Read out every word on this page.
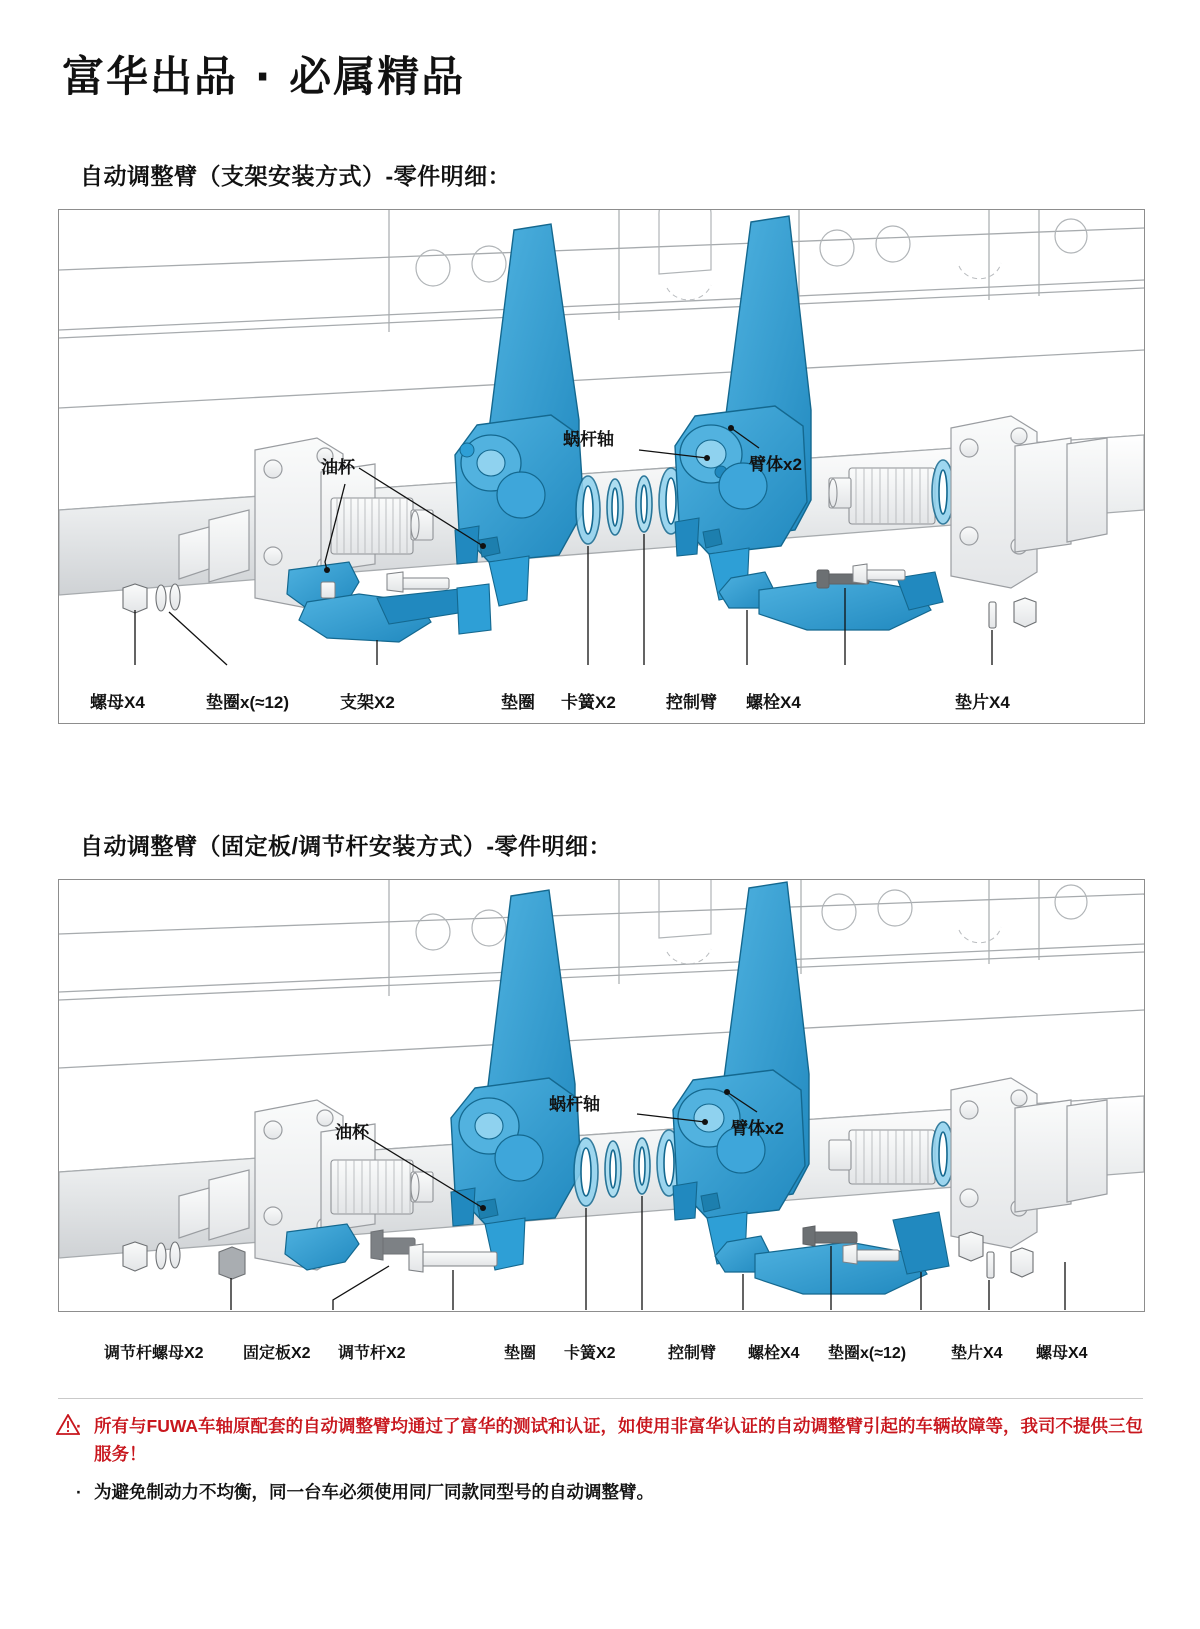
富华出品 · 必属精品
自动调整臂（支架安装方式）-零件明细：
油杯
蜗杆轴
臂体x2
螺母X4	垫圈x(≈12)	支架X2	垫圈 卡簧X2	控制臂 螺栓X4	垫片X4
自动调整臂（固定板/调节杆安装方式）-零件明细：
油杯
蜗杆轴
臂体x2
调节杆螺母X2 固定板X2 调节杆X2	垫圈 卡簧X2	控制臂 螺栓X4 垫圈x(≈12)	垫片X4 螺母X4
· 所有与FUWA车轴原配套的自动调整臂均通过了富华的测试和认证，如使用非富华认证的自动调整臂引起的车辆故障等，我司不提供三包服务！
· 为避免制动力不均衡，同一台车必须使用同厂同款同型号的自动调整臂。
